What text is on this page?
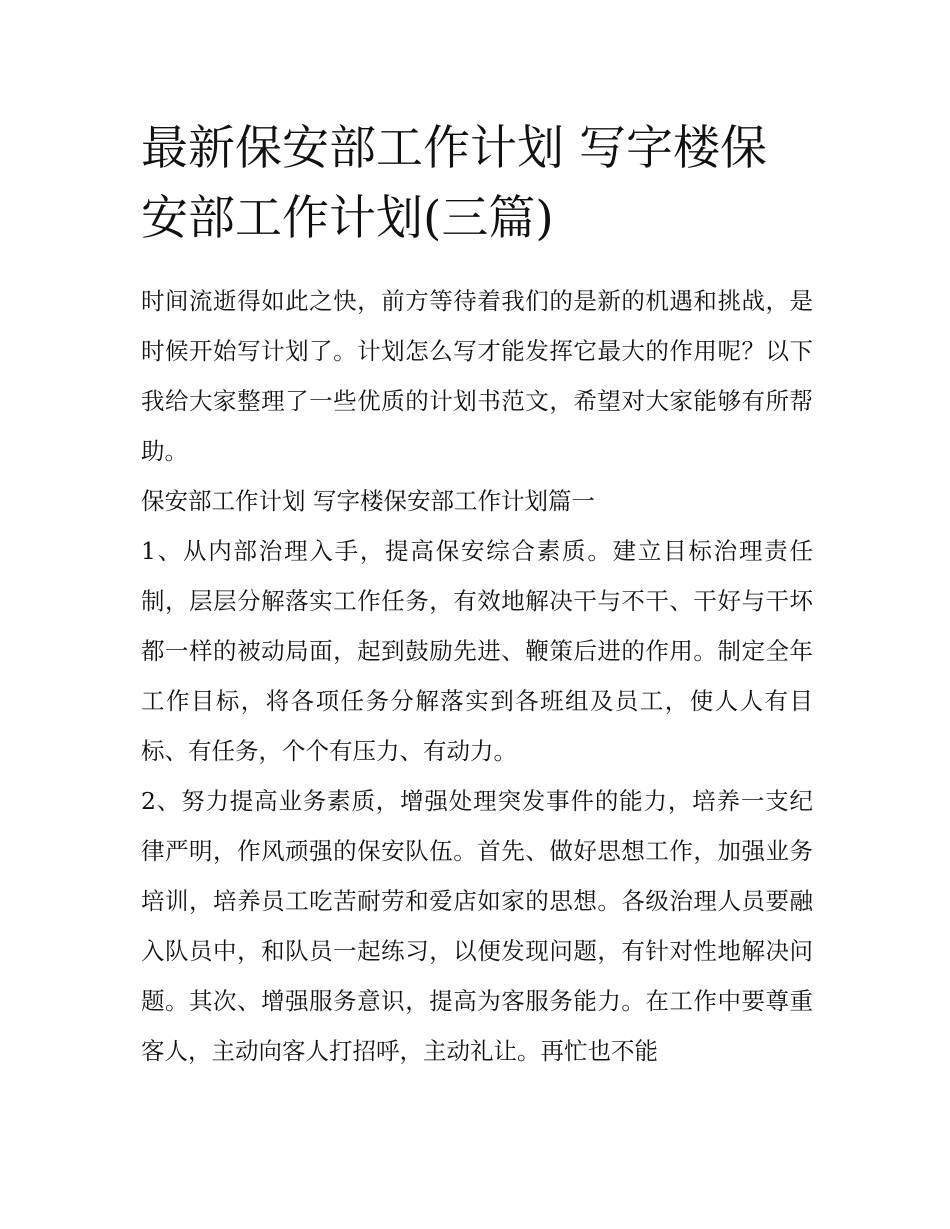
最新保安部工作计划 写字楼保安部工作计划(三篇)

时间流逝得如此之快，前方等待着我们的是新的机遇和挑战，是时候开始写计划了。计划怎么写才能发挥它最大的作用呢？以下我给大家整理了一些优质的计划书范文，希望对大家能够有所帮助。

保安部工作计划 写字楼保安部工作计划篇一

1、从内部治理入手，提高保安综合素质。建立目标治理责任制，层层分解落实工作任务，有效地解决干与不干、干好与干坏都一样的被动局面，起到鼓励先进、鞭策后进的作用。制定全年工作目标，将各项任务分解落实到各班组及员工，使人人有目标、有任务，个个有压力、有动力。

2、努力提高业务素质，增强处理突发事件的能力，培养一支纪律严明，作风顽强的保安队伍。首先、做好思想工作，加强业务培训，培养员工吃苦耐劳和爱店如家的思想。各级治理人员要融入队员中，和队员一起练习，以便发现问题，有针对性地解决问题。其次、增强服务意识，提高为客服务能力。在工作中要尊重客人，主动向客人打招呼，主动礼让。再忙也不能
